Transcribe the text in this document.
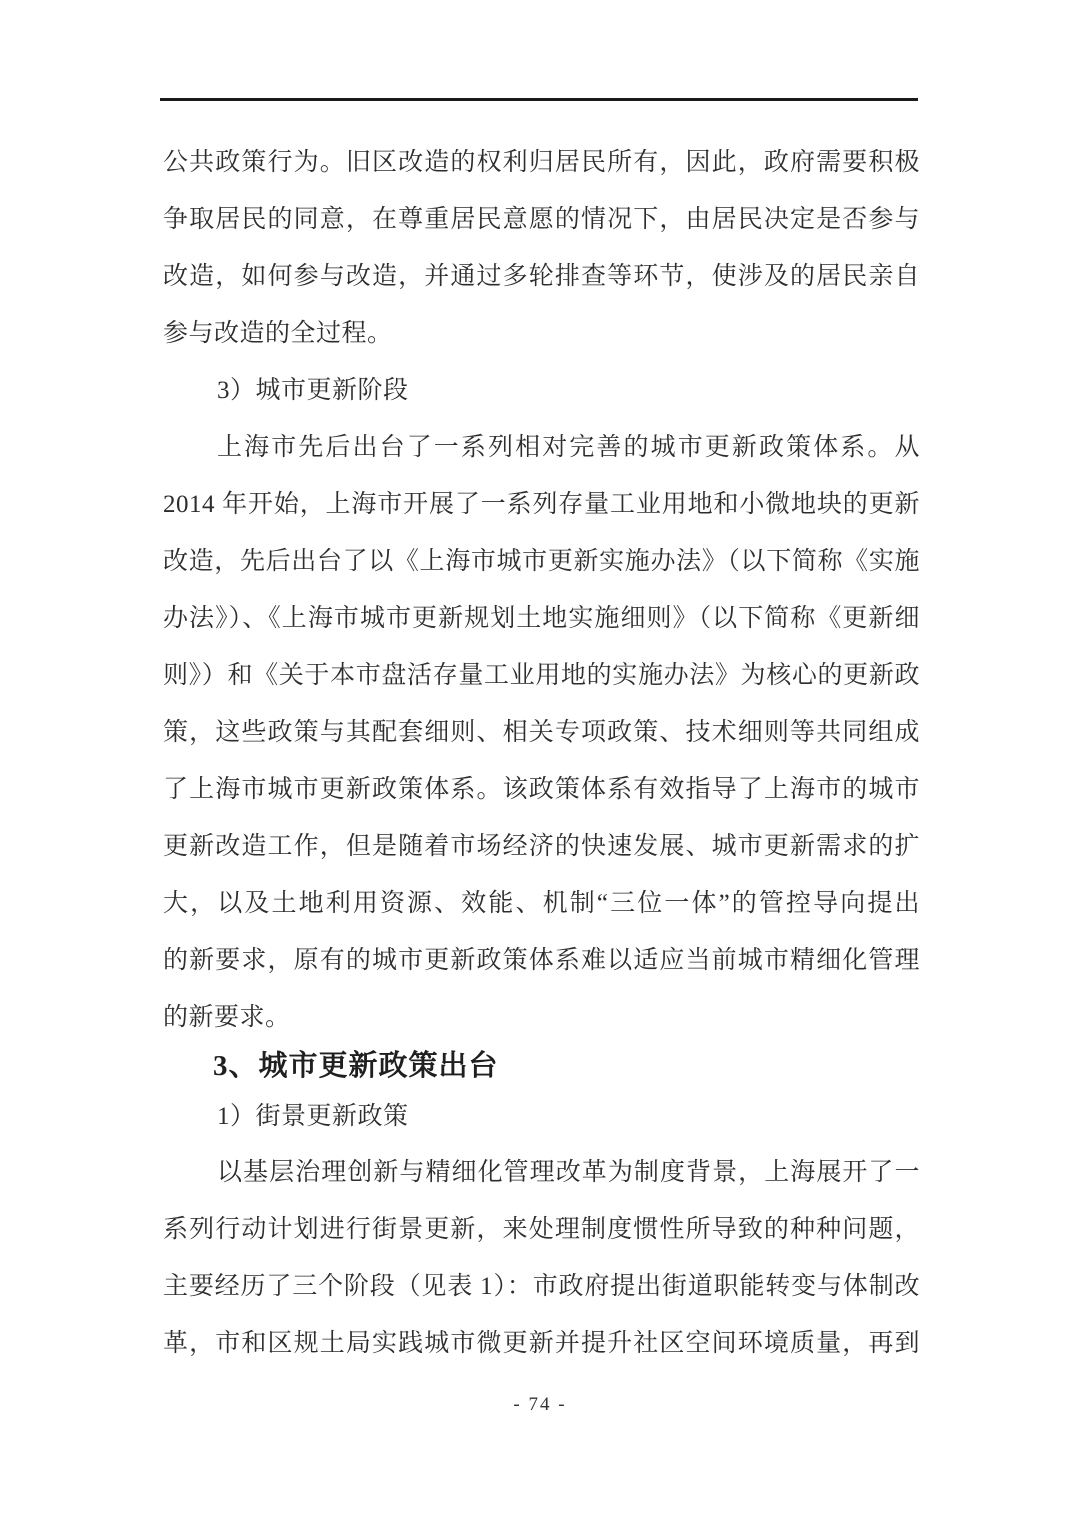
公共政策行为。旧区改造的权利归居民所有，因此，政府需要积极
争取居民的同意，在尊重居民意愿的情况下，由居民决定是否参与
改造，如何参与改造，并通过多轮排查等环节，使涉及的居民亲自
参与改造的全过程。
3）城市更新阶段
上海市先后出台了一系列相对完善的城市更新政策体系。从
2014 年开始，上海市开展了一系列存量工业用地和小微地块的更新
改造，先后出台了以《上海市城市更新实施办法》（以下简称《实施
办法》）、《上海市城市更新规划土地实施细则》（以下简称《更新细
则》）和《关于本市盘活存量工业用地的实施办法》为核心的更新政
策，这些政策与其配套细则、相关专项政策、技术细则等共同组成
了上海市城市更新政策体系。该政策体系有效指导了上海市的城市
更新改造工作，但是随着市场经济的快速发展、城市更新需求的扩
大，以及土地利用资源、效能、机制“三位一体”的管控导向提出
的新要求，原有的城市更新政策体系难以适应当前城市精细化管理
的新要求。
3、城市更新政策出台
1）街景更新政策
以基层治理创新与精细化管理改革为制度背景，上海展开了一
系列行动计划进行街景更新，来处理制度惯性所导致的种种问题，
主要经历了三个阶段（见表 1）：市政府提出街道职能转变与体制改
革，市和区规土局实践城市微更新并提升社区空间环境质量，再到
- 74 -
